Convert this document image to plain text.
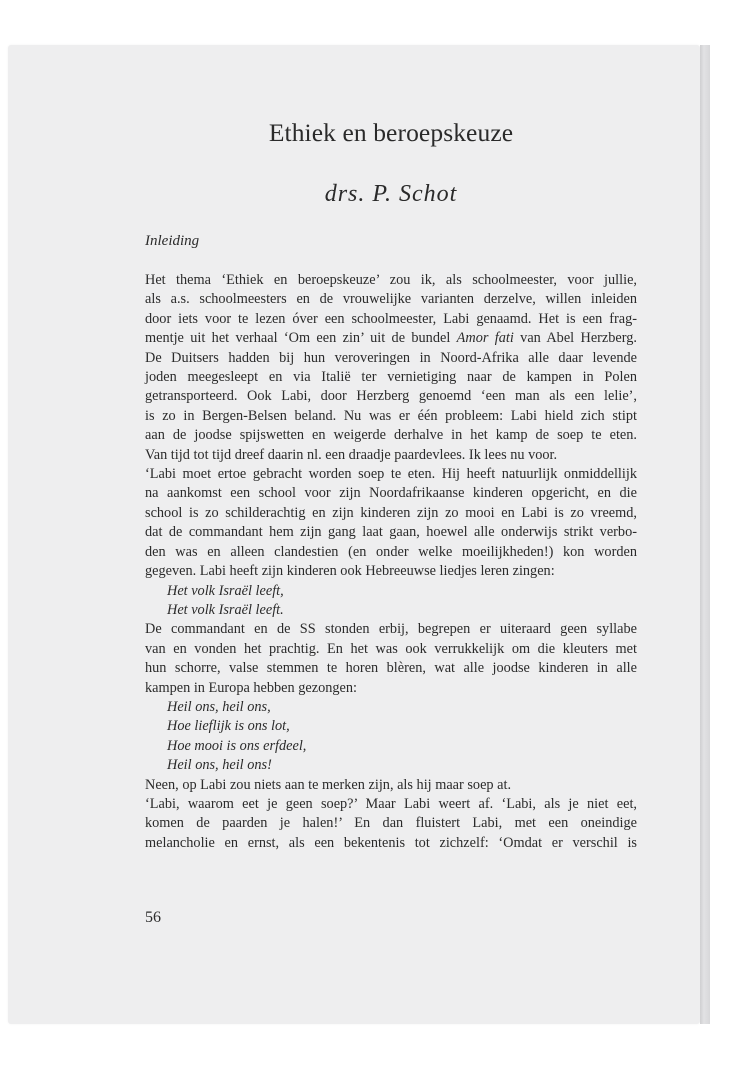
Ethiek en beroepskeuze
drs. P. Schot
Inleiding
Het thema ‘Ethiek en beroepskeuze’ zou ik, als schoolmeester, voor jullie,
als a.s. schoolmeesters en de vrouwelijke varianten derzelve, willen inleiden
door iets voor te lezen óver een schoolmeester, Labi genaamd. Het is een frag-
mentje uit het verhaal ‘Om een zin’ uit de bundel Amor fati van Abel Herzberg.
De Duitsers hadden bij hun veroveringen in Noord-Afrika alle daar levende
joden meegesleept en via Italië ter vernietiging naar de kampen in Polen
getransporteerd. Ook Labi, door Herzberg genoemd ‘een man als een lelie’,
is zo in Bergen-Belsen beland. Nu was er één probleem: Labi hield zich stipt
aan de joodse spijswetten en weigerde derhalve in het kamp de soep te eten.
Van tijd tot tijd dreef daarin nl. een draadje paardevlees. Ik lees nu voor.
‘Labi moet ertoe gebracht worden soep te eten. Hij heeft natuurlijk onmiddellijk
na aankomst een school voor zijn Noordafrikaanse kinderen opgericht, en die
school is zo schilderachtig en zijn kinderen zijn zo mooi en Labi is zo vreemd,
dat de commandant hem zijn gang laat gaan, hoewel alle onderwijs strikt verbo-
den was en alleen clandestien (en onder welke moeilijkheden!) kon worden
gegeven. Labi heeft zijn kinderen ook Hebreeuwse liedjes leren zingen:
Het volk Israël leeft,
Het volk Israël leeft.
De commandant en de SS stonden erbij, begrepen er uiteraard geen syllabe
van en vonden het prachtig. En het was ook verrukkelijk om die kleuters met
hun schorre, valse stemmen te horen blèren, wat alle joodse kinderen in alle
kampen in Europa hebben gezongen:
Heil ons, heil ons,
Hoe lieflijk is ons lot,
Hoe mooi is ons erfdeel,
Heil ons, heil ons!
Neen, op Labi zou niets aan te merken zijn, als hij maar soep at.
‘Labi, waarom eet je geen soep?’ Maar Labi weert af. ‘Labi, als je niet eet,
komen de paarden je halen!’ En dan fluistert Labi, met een oneindige
melancholie en ernst, als een bekentenis tot zichzelf: ‘Omdat er verschil is
56
